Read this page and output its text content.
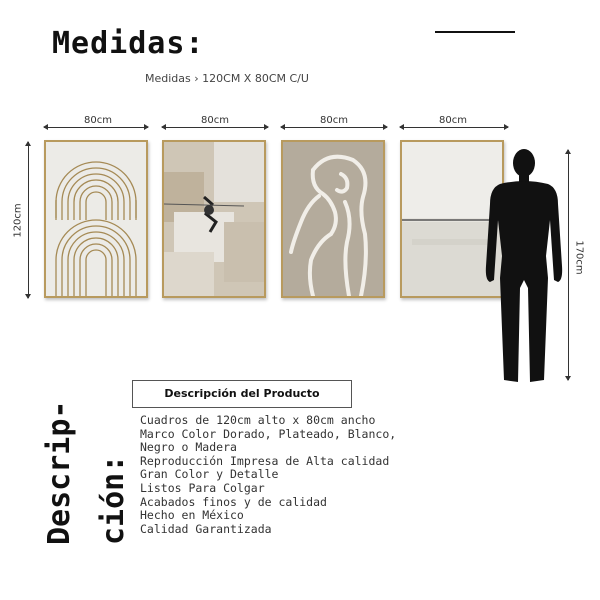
Medidas:
Medidas › 120CM X 80CM C/U
80cm	80cm	80cm	80cm
120cm
170cm
Descrip- ción:
Descripción del Producto
Cuadros de 120cm alto x 80cm ancho
Marco Color Dorado, Plateado, Blanco,
Negro o Madera
Reproducción Impresa de Alta calidad
Gran Color y Detalle
Listos Para Colgar
Acabados finos y de calidad
Hecho en México
Calidad Garantizada
